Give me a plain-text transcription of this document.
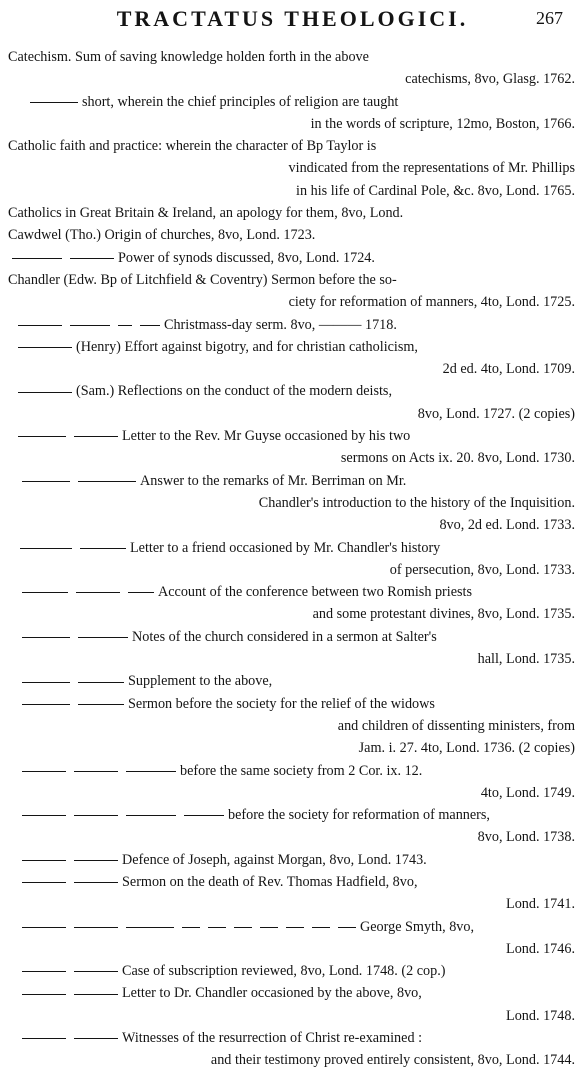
TRACTATUS THEOLOGICI.	267
Catechism. Sum of saving knowledge holden forth in the above
catechisms, 8vo, Glasg. 1762.
short, wherein the chief principles of religion are taught
in the words of scripture, 12mo, Boston, 1766.
Catholic faith and practice: wherein the character of Bp Taylor is
vindicated from the representations of Mr. Phillips
in his life of Cardinal Pole, &c. 8vo, Lond. 1765.
Catholics in Great Britain & Ireland, an apology for them, 8vo, Lond.
Cawdwel (Tho.) Origin of churches, 8vo, Lond. 1723.
Power of synods discussed, 8vo, Lond. 1724.
Chandler (Edw. Bp of Litchfield & Coventry) Sermon before the so-
ciety for reformation of manners, 4to, Lond. 1725.
Christmass-day serm. 8vo, ——— 1718.
(Henry) Effort against bigotry, and for christian catholicism,
2d ed. 4to, Lond. 1709.
(Sam.) Reflections on the conduct of the modern deists,
8vo, Lond. 1727. (2 copies)
Letter to the Rev. Mr Guyse occasioned by his two
sermons on Acts ix. 20. 8vo, Lond. 1730.
Answer to the remarks of Mr. Berriman on Mr.
Chandler's introduction to the history of the Inquisition.
8vo, 2d ed. Lond. 1733.
Letter to a friend occasioned by Mr. Chandler's history
of persecution, 8vo, Lond. 1733.
Account of the conference between two Romish priests
and some protestant divines, 8vo, Lond. 1735.
Notes of the church considered in a sermon at Salter's
hall, Lond. 1735.
Supplement to the above,
Sermon before the society for the relief of the widows
and children of dissenting ministers, from
Jam. i. 27. 4to, Lond. 1736. (2 copies)
before the same society from 2 Cor. ix. 12.
4to, Lond. 1749.
before the society for reformation of manners,
8vo, Lond. 1738.
Defence of Joseph, against Morgan, 8vo, Lond. 1743.
Sermon on the death of Rev. Thomas Hadfield, 8vo,
Lond. 1741.
George Smyth, 8vo,
Lond. 1746.
Case of subscription reviewed, 8vo, Lond. 1748. (2 cop.)
Letter to Dr. Chandler occasioned by the above, 8vo,
Lond. 1748.
Witnesses of the resurrection of Christ re-examined :
and their testimony proved entirely consistent, 8vo, Lond. 1744.
